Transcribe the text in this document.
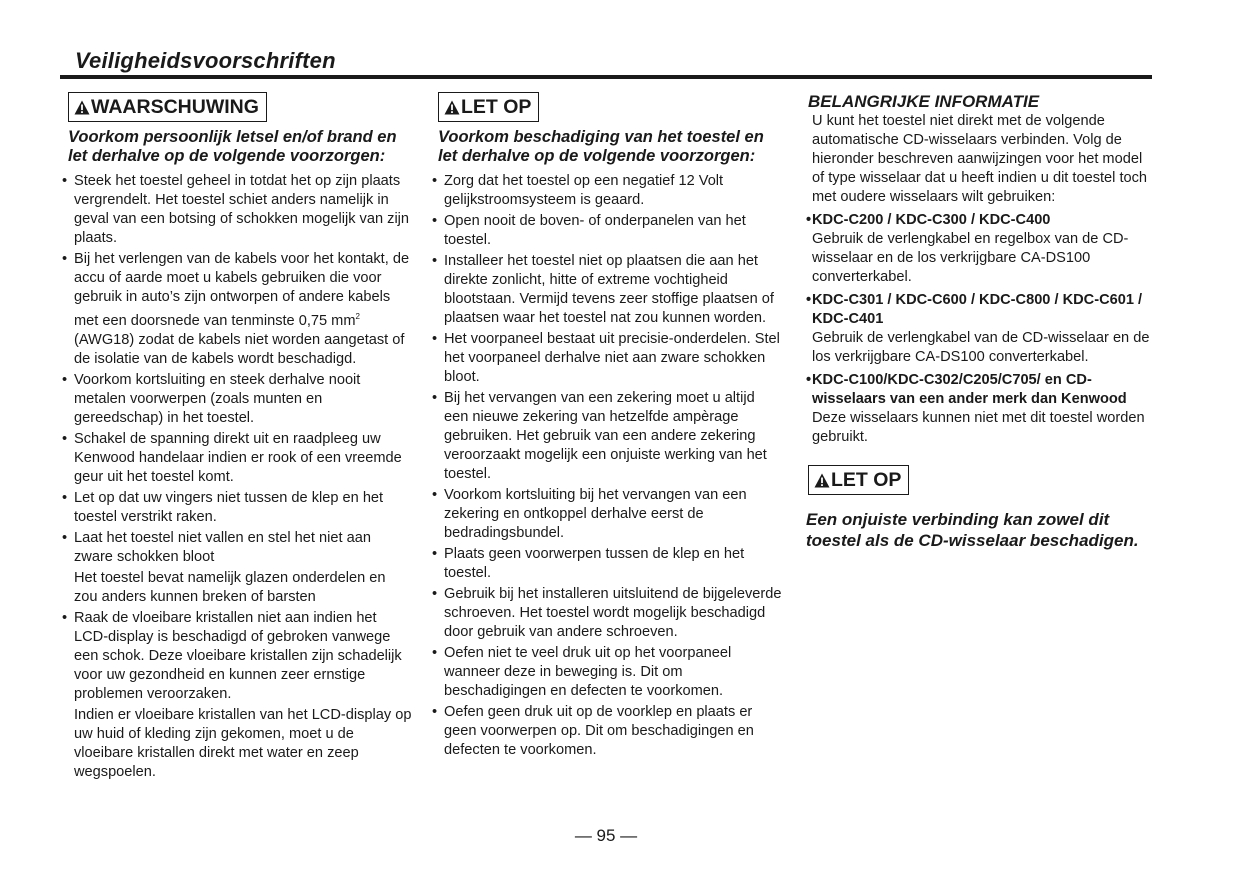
Veiligheidsvoorschriften
WAARSCHUWING
Voorkom persoonlijk letsel en/of brand en let derhalve op de volgende voorzorgen:
• Steek het toestel geheel in totdat het op zijn plaats vergrendelt. Het toestel schiet anders namelijk in geval van een botsing of schokken mogelijk van zijn plaats.
• Bij het verlengen van de kabels voor het kontakt, de accu of aarde moet u kabels gebruiken die voor gebruik in auto’s zijn ontworpen of andere kabels met een doorsnede van tenminste 0,75 $mm^2$
(AWG18) zodat de kabels niet worden aangetast of de isolatie van de kabels wordt beschadigd.
• Voorkom kortsluiting en steek derhalve nooit metalen voorwerpen (zoals munten en gereedschap) in het toestel.
• Schakel de spanning direkt uit en raadpleeg uw Kenwood handelaar indien er rook of een vreemde geur uit het toestel komt.
• Let op dat uw vingers niet tussen de klep en het toestel verstrikt raken.
• Laat het toestel niet vallen en stel het niet aan zware schokken bloot
Het toestel bevat namelijk glazen onderdelen en zou anders kunnen breken of barsten
• Raak de vloeibare kristallen niet aan indien het LCD-display is beschadigd of gebroken vanwege een schok. Deze vloeibare kristallen zijn schadelijk voor uw gezondheid en kunnen zeer ernstige problemen veroorzaken.
Indien er vloeibare kristallen van het LCD-display op uw huid of kleding zijn gekomen, moet u de vloeibare kristallen direkt met water en zeep wegspoelen.
LET OP
Voorkom beschadiging van het toestel en let derhalve op de volgende voorzorgen:
• Zorg dat het toestel op een negatief 12 Volt gelijkstroomsysteem is geaard.
• Open nooit de boven- of onderpanelen van het toestel.
• Installeer het toestel niet op plaatsen die aan het direkte zonlicht, hitte of extreme vochtigheid blootstaan. Vermijd tevens zeer stoffige plaatsen of plaatsen waar het toestel nat zou kunnen worden.
• Het voorpaneel bestaat uit precisie-onderdelen. Stel het voorpaneel derhalve niet aan zware schokken bloot.
• Bij het vervangen van een zekering moet u altijd een nieuwe zekering van hetzelfde ampèrage gebruiken. Het gebruik van een andere zekering veroorzaakt mogelijk een onjuiste werking van het toestel.
• Voorkom kortsluiting bij het vervangen van een zekering en ontkoppel derhalve eerst de bedradingsbundel.
• Plaats geen voorwerpen tussen de klep en het toestel.
• Gebruik bij het installeren uitsluitend de bijgeleverde schroeven. Het toestel wordt mogelijk beschadigd door gebruik van andere schroeven.
• Oefen niet te veel druk uit op het voorpaneel wanneer deze in beweging is. Dit om beschadigingen en defecten te voorkomen.
• Oefen geen druk uit op de voorklep en plaats er geen voorwerpen op. Dit om beschadigingen en defecten te voorkomen.
BELANGRIJKE INFORMATIE
U kunt het toestel niet direkt met de volgende automatische CD-wisselaars verbinden. Volg de hieronder beschreven aanwijzingen voor het model of type wisselaar dat u heeft indien u dit toestel toch met oudere wisselaars wilt gebruiken:
• KDC-C200 / KDC-C300 / KDC-C400
Gebruik de verlengkabel en regelbox van de CD-wisselaar en de los verkrijgbare CA-DS100 converterkabel.
• KDC-C301 / KDC-C600 / KDC-C800 / KDC-C601 / KDC-C401
Gebruik de verlengkabel van de CD-wisselaar en de los verkrijgbare CA-DS100 converterkabel.
• KDC-C100/KDC-C302/C205/C705/ en CD-wisselaars van een ander merk dan Kenwood
Deze wisselaars kunnen niet met dit toestel worden gebruikt.
LET OP
Een onjuiste verbinding kan zowel dit toestel als de CD-wisselaar beschadigen.
— 95 —
